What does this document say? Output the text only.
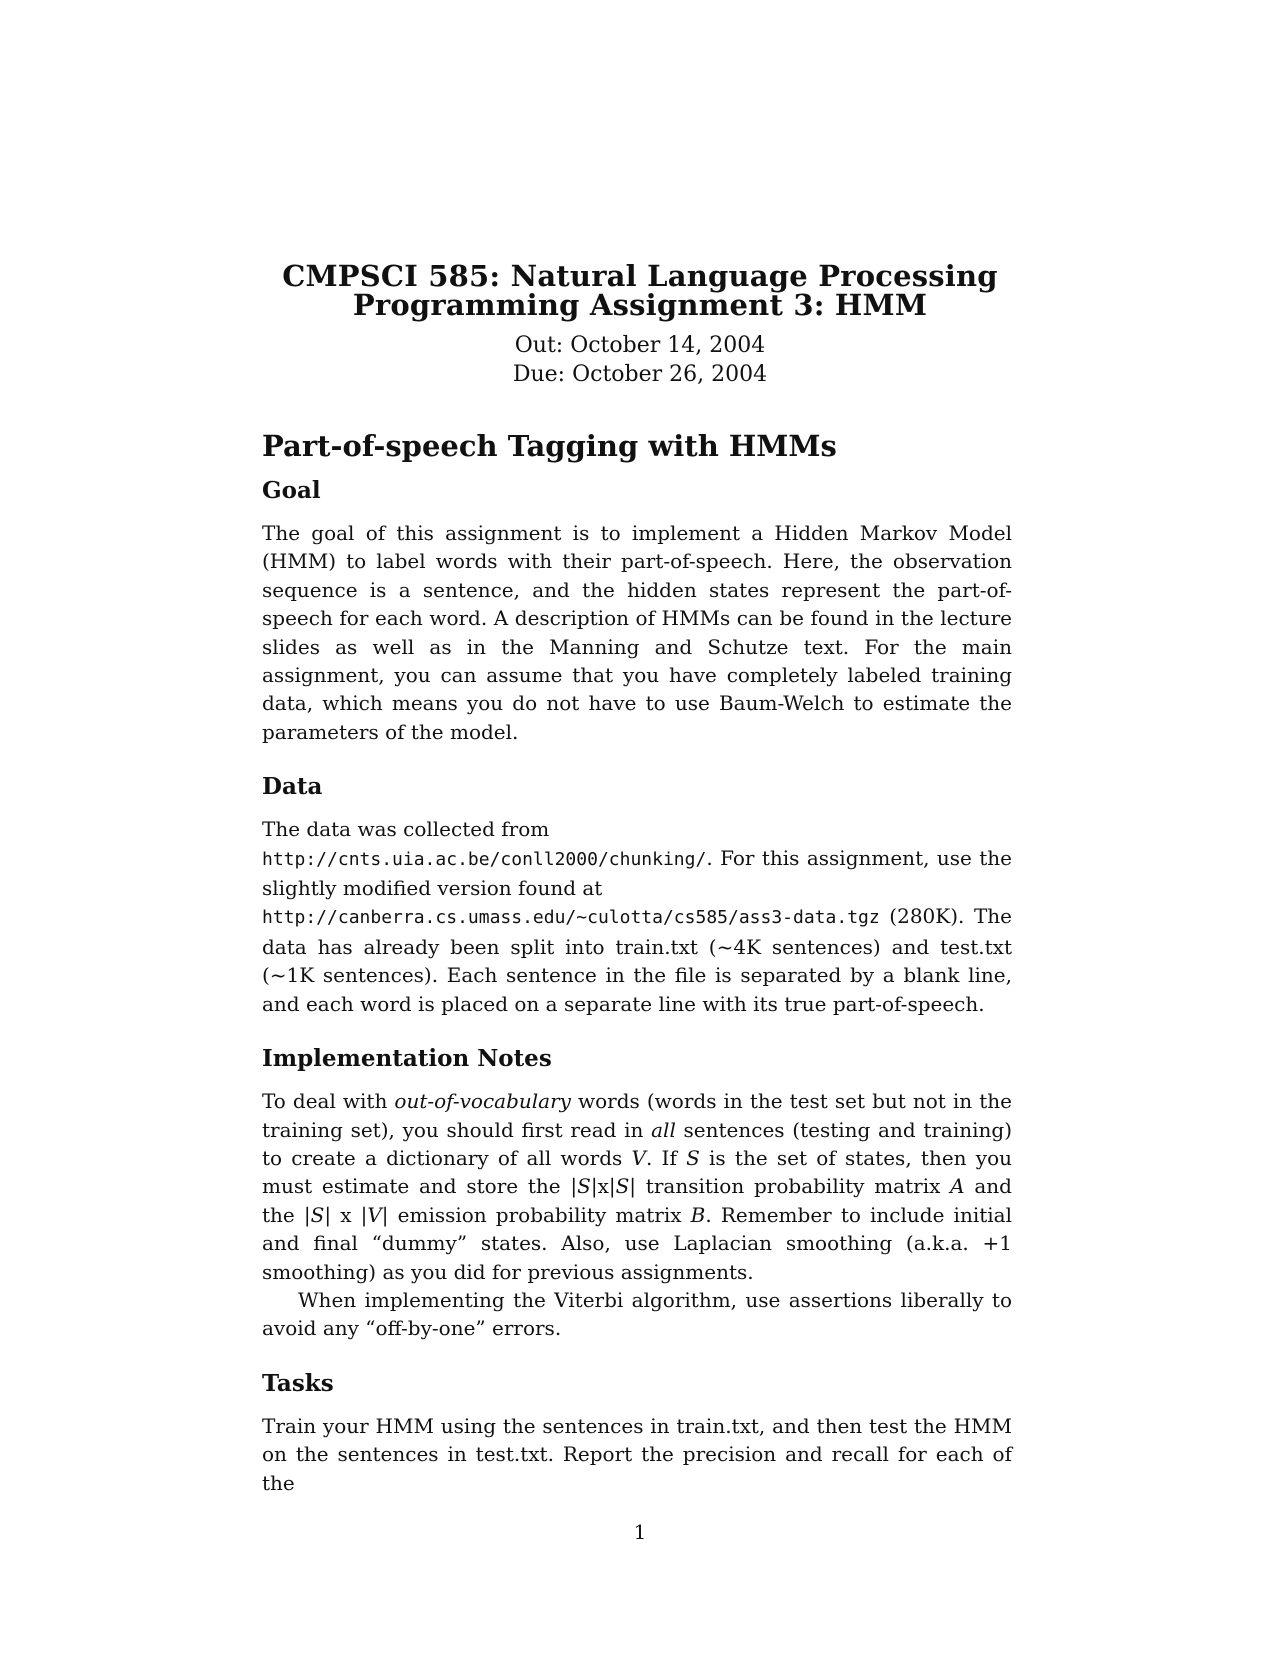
CMPSCI 585: Natural Language Processing
Programming Assignment 3: HMM
Out: October 14, 2004
Due: October 26, 2004
Part-of-speech Tagging with HMMs
Goal

The goal of this assignment is to implement a Hidden Markov Model (HMM) to label words with their part-of-speech. Here, the observation sequence is a sentence, and the hidden states represent the part-of-speech for each word. A description of HMMs can be found in the lecture slides as well as in the Manning and Schutze text. For the main assignment, you can assume that you have completely labeled training data, which means you do not have to use Baum-Welch to estimate the parameters of the model.

Data

The data was collected from
http://cnts.uia.ac.be/conll2000/chunking/. For this assignment, use the slightly modified version found at
http://canberra.cs.umass.edu/~culotta/cs585/ass3-data.tgz (280K). The data has already been split into train.txt (~4K sentences) and test.txt (~1K sentences). Each sentence in the file is separated by a blank line, and each word is placed on a separate line with its true part-of-speech.

Implementation Notes

To deal with out-of-vocabulary words (words in the test set but not in the training set), you should first read in all sentences (testing and training) to create a dictionary of all words V. If S is the set of states, then you must estimate and store the |S|x|S| transition probability matrix A and the |S| x |V| emission probability matrix B. Remember to include initial and final “dummy” states. Also, use Laplacian smoothing (a.k.a. +1 smoothing) as you did for previous assignments.

When implementing the Viterbi algorithm, use assertions liberally to avoid any “off-by-one” errors.

Tasks

Train your HMM using the sentences in train.txt, and then test the HMM on the sentences in test.txt. Report the precision and recall for each of the

1
